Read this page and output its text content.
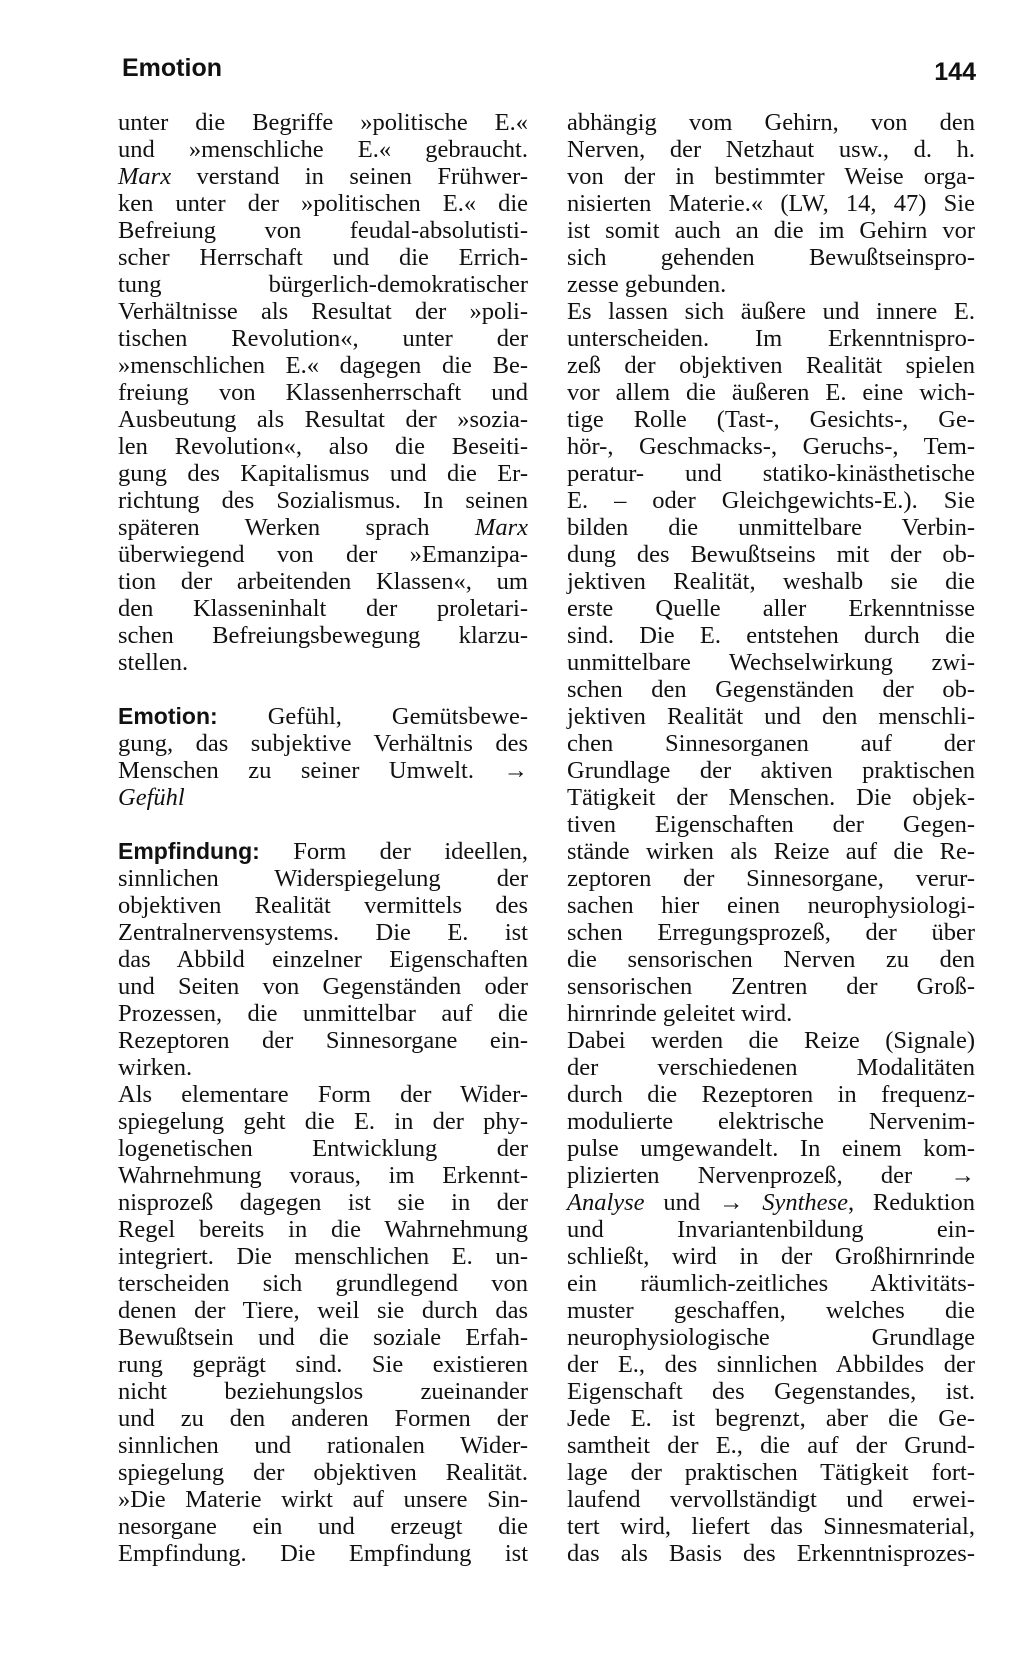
Emotion	144
unter die Begriffe »politische E.«
und »menschliche E.« gebraucht.
Marx verstand in seinen Frühwer-
ken unter der »politischen E.« die
Befreiung von feudal-absolutisti-
scher Herrschaft und die Errich-
tung bürgerlich-demokratischer
Verhältnisse als Resultat der »poli-
tischen Revolution«, unter der
»menschlichen E.« dagegen die Be-
freiung von Klassenherrschaft und
Ausbeutung als Resultat der »sozia-
len Revolution«, also die Beseiti-
gung des Kapitalismus und die Er-
richtung des Sozialismus. In seinen
späteren Werken sprach Marx
überwiegend von der »Emanzipa-
tion der arbeitenden Klassen«, um
den Klasseninhalt der proletari-
schen Befreiungsbewegung klarzu-
stellen.
Emotion: Gefühl, Gemütsbewe-
gung, das subjektive Verhältnis des
Menschen zu seiner Umwelt. →
Gefühl
Empfindung: Form der ideellen,
sinnlichen Widerspiegelung der
objektiven Realität vermittels des
Zentralnervensystems. Die E. ist
das Abbild einzelner Eigenschaften
und Seiten von Gegenständen oder
Prozessen, die unmittelbar auf die
Rezeptoren der Sinnesorgane ein-
wirken.
Als elementare Form der Wider-
spiegelung geht die E. in der phy-
logenetischen Entwicklung der
Wahrnehmung voraus, im Erkennt-
nisprozeß dagegen ist sie in der
Regel bereits in die Wahrnehmung
integriert. Die menschlichen E. un-
terscheiden sich grundlegend von
denen der Tiere, weil sie durch das
Bewußtsein und die soziale Erfah-
rung geprägt sind. Sie existieren
nicht beziehungslos zueinander
und zu den anderen Formen der
sinnlichen und rationalen Wider-
spiegelung der objektiven Realität.
»Die Materie wirkt auf unsere Sin-
nesorgane ein und erzeugt die
Empfindung. Die Empfindung ist
abhängig vom Gehirn, von den
Nerven, der Netzhaut usw., d. h.
von der in bestimmter Weise orga-
nisierten Materie.« (LW, 14, 47) Sie
ist somit auch an die im Gehirn vor
sich gehenden Bewußtseinspro-
zesse gebunden.
Es lassen sich äußere und innere E.
unterscheiden. Im Erkenntnispro-
zeß der objektiven Realität spielen
vor allem die äußeren E. eine wich-
tige Rolle (Tast-, Gesichts-, Ge-
hör-, Geschmacks-, Geruchs-, Tem-
peratur- und statiko-kinästhetische
E. – oder Gleichgewichts-E.). Sie
bilden die unmittelbare Verbin-
dung des Bewußtseins mit der ob-
jektiven Realität, weshalb sie die
erste Quelle aller Erkenntnisse
sind. Die E. entstehen durch die
unmittelbare Wechselwirkung zwi-
schen den Gegenständen der ob-
jektiven Realität und den menschli-
chen Sinnesorganen auf der
Grundlage der aktiven praktischen
Tätigkeit der Menschen. Die objek-
tiven Eigenschaften der Gegen-
stände wirken als Reize auf die Re-
zeptoren der Sinnesorgane, verur-
sachen hier einen neurophysiologi-
schen Erregungsprozeß, der über
die sensorischen Nerven zu den
sensorischen Zentren der Groß-
hirnrinde geleitet wird.
Dabei werden die Reize (Signale)
der verschiedenen Modalitäten
durch die Rezeptoren in frequenz-
modulierte elektrische Nervenim-
pulse umgewandelt. In einem kom-
plizierten Nervenprozeß, der →
Analyse und → Synthese, Reduktion
und Invariantenbildung ein-
schließt, wird in der Großhirnrinde
ein räumlich-zeitliches Aktivitäts-
muster geschaffen, welches die
neurophysiologische Grundlage
der E., des sinnlichen Abbildes der
Eigenschaft des Gegenstandes, ist.
Jede E. ist begrenzt, aber die Ge-
samtheit der E., die auf der Grund-
lage der praktischen Tätigkeit fort-
laufend vervollständigt und erwei-
tert wird, liefert das Sinnesmaterial,
das als Basis des Erkenntnisprozes-
